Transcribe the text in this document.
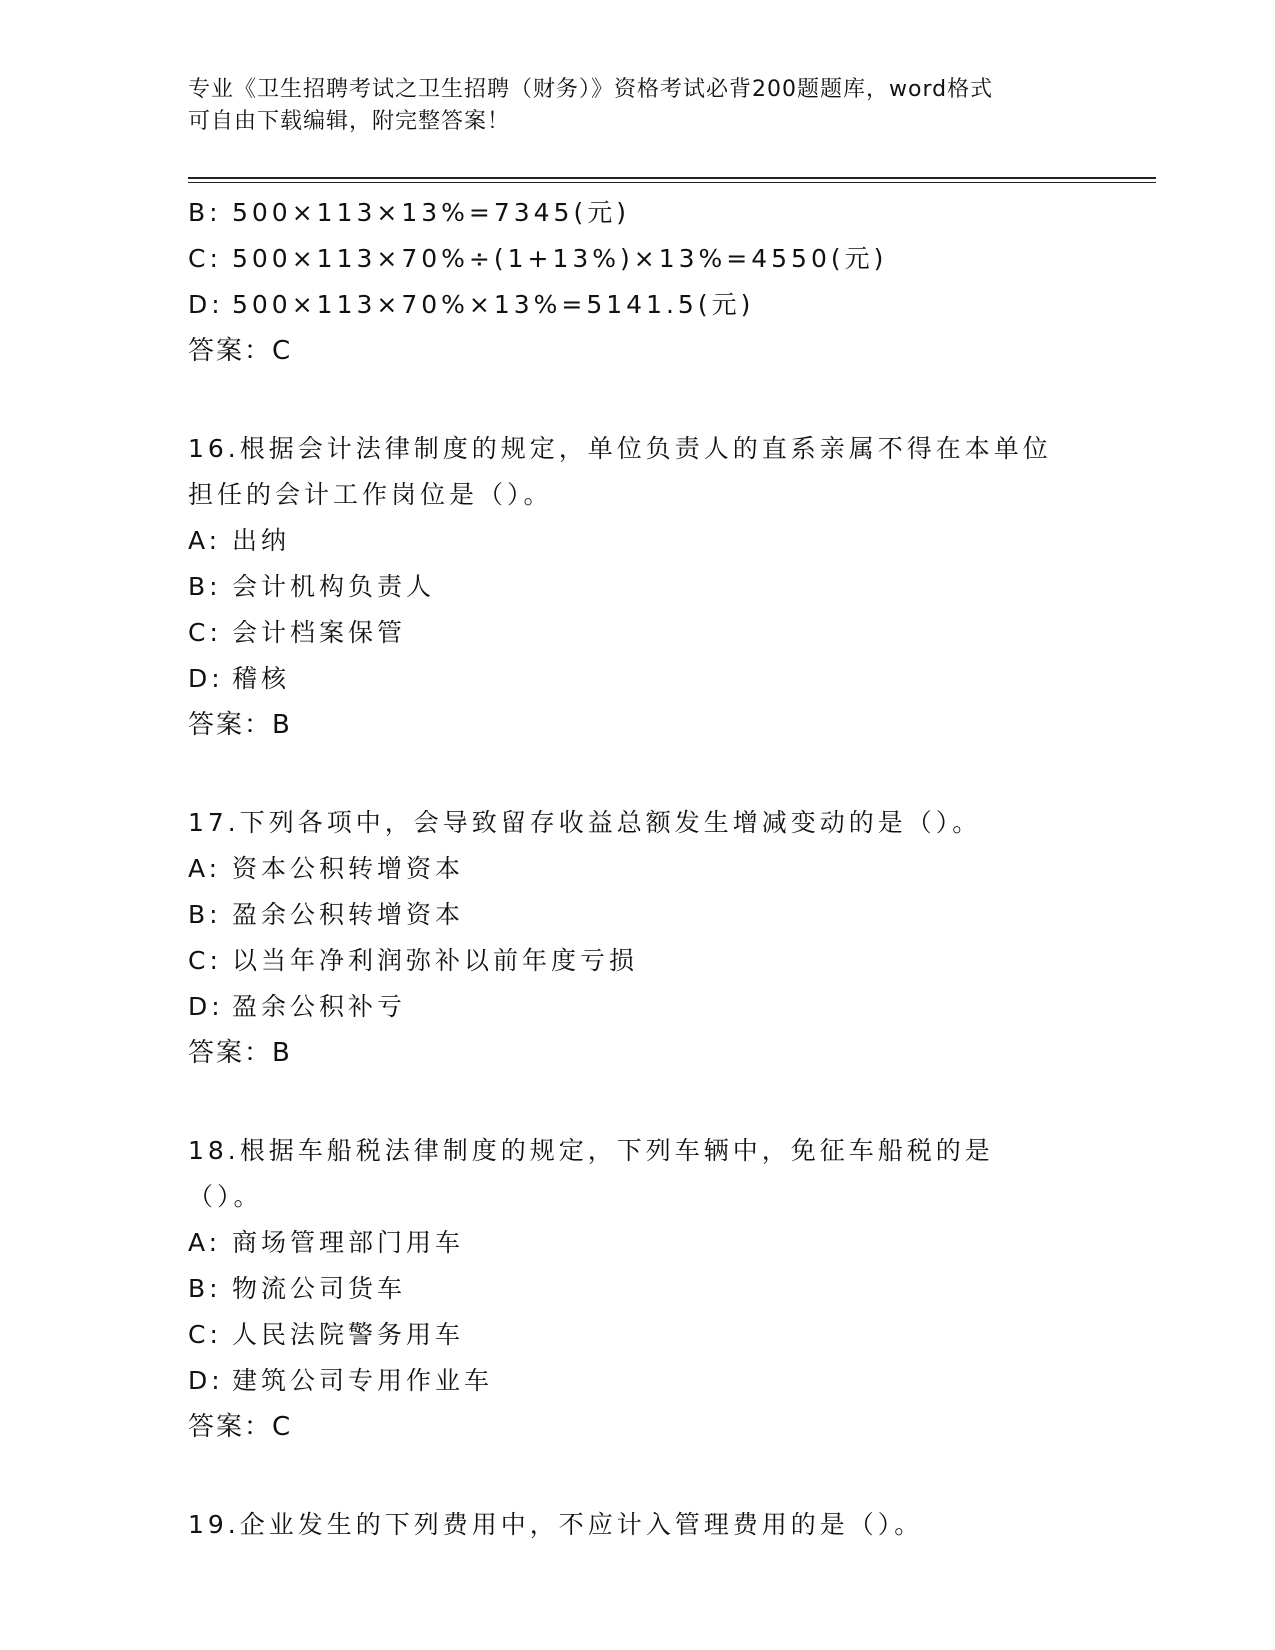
专业《卫生招聘考试之卫生招聘（财务）》资格考试必背200题题库，word格式
可自由下载编辑，附完整答案！
B: 500×113×13%=7345(元)
C: 500×113×70%÷(1+13%)×13%=4550(元)
D: 500×113×70%×13%=5141.5(元)
答案：C
16.根据会计法律制度的规定，单位负责人的直系亲属不得在本单位担任的会计工作岗位是（）。
A: 出纳
B: 会计机构负责人
C: 会计档案保管
D: 稽核
答案：B
17.下列各项中，会导致留存收益总额发生增减变动的是（）。
A: 资本公积转增资本
B: 盈余公积转增资本
C: 以当年净利润弥补以前年度亏损
D: 盈余公积补亏
答案：B
18.根据车船税法律制度的规定，下列车辆中，免征车船税的是（）。
A: 商场管理部门用车
B: 物流公司货车
C: 人民法院警务用车
D: 建筑公司专用作业车
答案：C
19.企业发生的下列费用中，不应计入管理费用的是（）。
